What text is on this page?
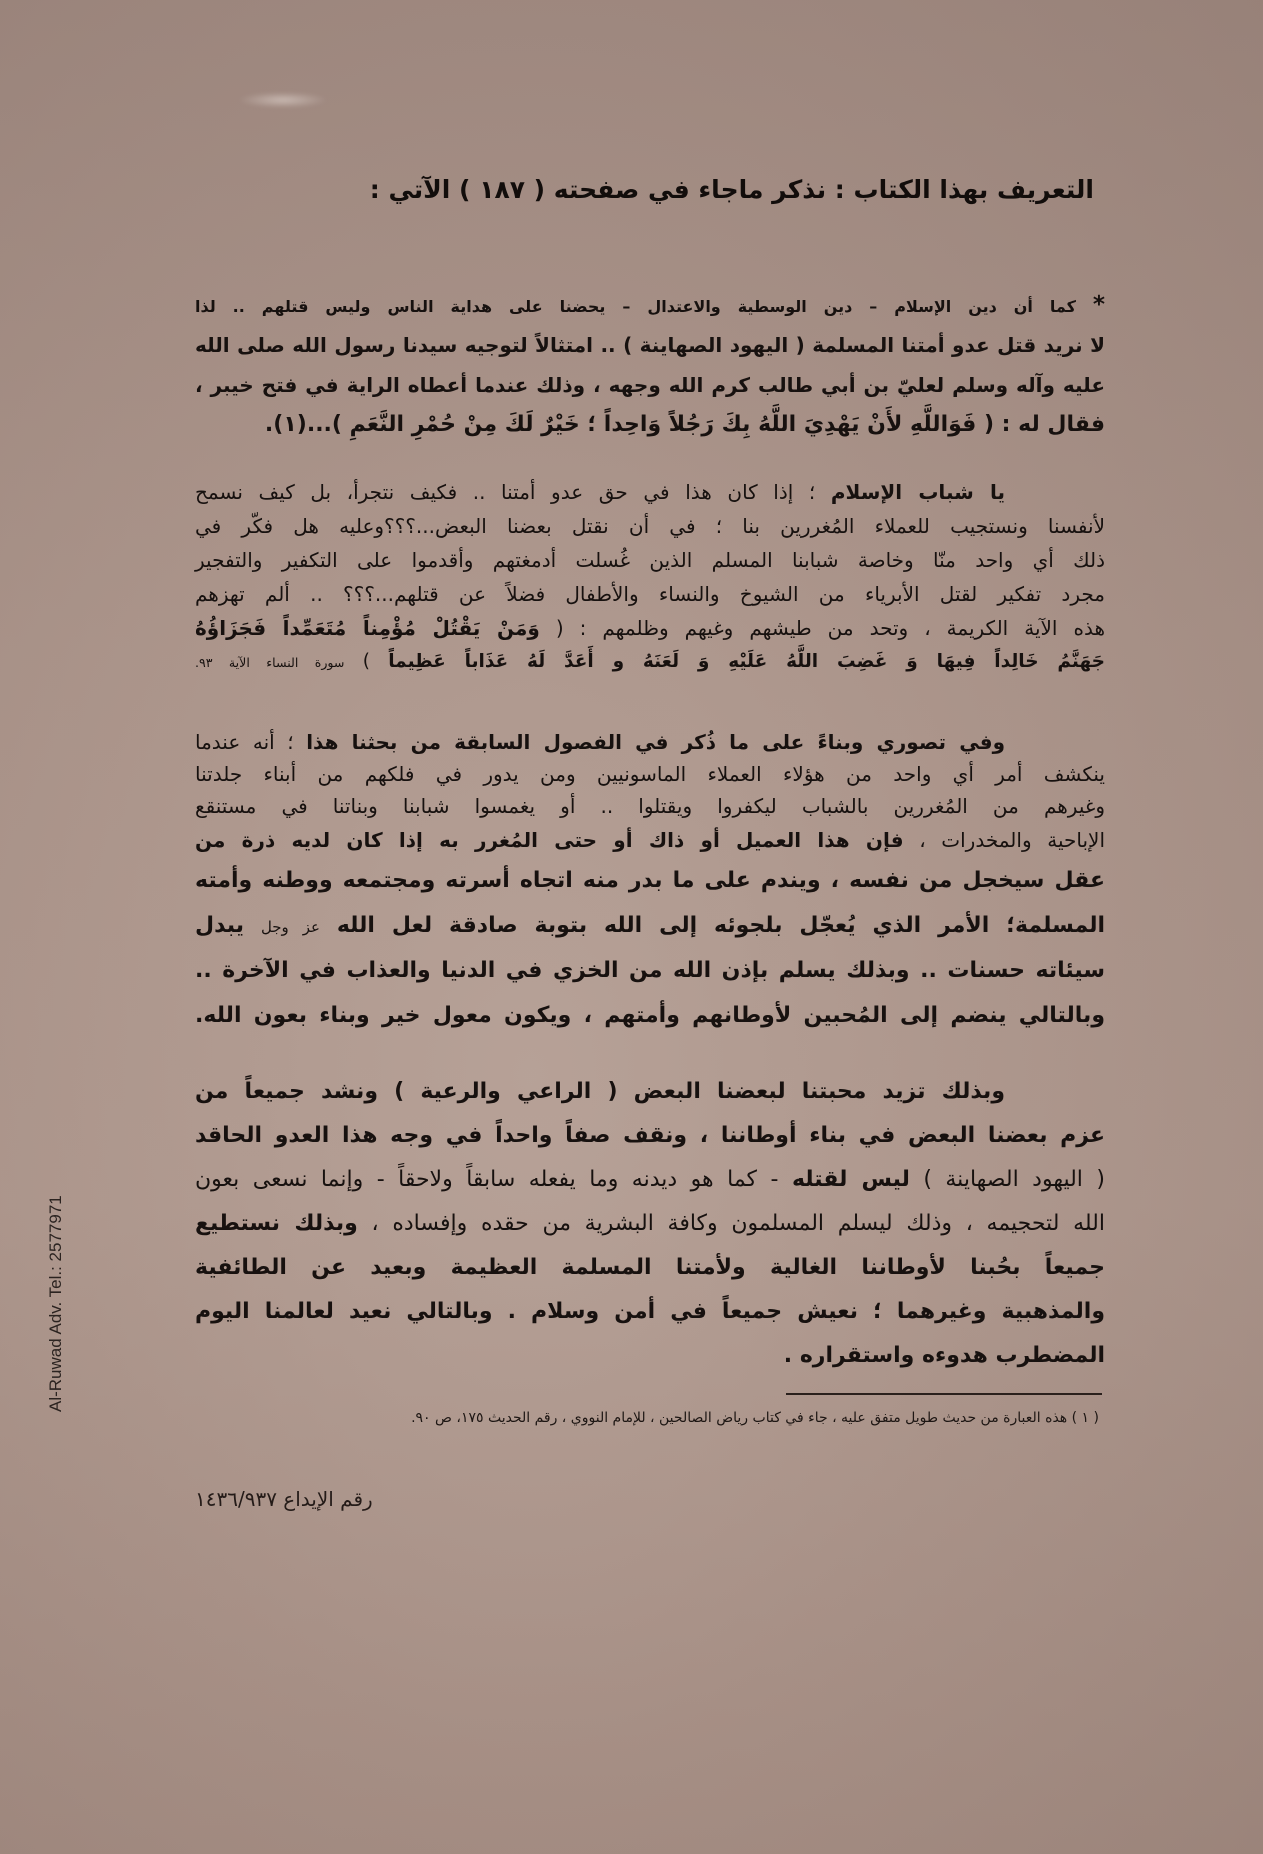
التعريف بهذا الكتاب : نذكر ماجاء في صفحته ( ١٨٧ ) الآتي :
* كما أن دين الإسلام – دين الوسطية والاعتدال – يحضنا على هداية الناس وليس قتلهم .. لذا
لا نريد قتل عدو أمتنا المسلمة ( اليهود الصهاينة ) .. امتثالاً لتوجيه سيدنا رسول الله صلى الله
عليه وآله وسلم لعليّ بن أبي طالب كرم الله وجهه ، وذلك عندما أعطاه الراية في فتح خيبر ،
فقال له : ( فَوَاللَّهِ لأَنْ يَهْدِيَ اللَّهُ بِكَ رَجُلاً وَاحِداً ؛ خَيْرٌ لَكَ مِنْ حُمْرِ النَّعَمِ )...(١).
يا شباب الإسلام ؛ إذا كان هذا في حق عدو أمتنا .. فكيف نتجرأ، بل كيف نسمح
لأنفسنا ونستجيب للعملاء المُغررين بنا ؛ في أن نقتل بعضنا البعض...؟؟؟وعليه هل فكّر في
ذلك أي واحد منّا وخاصة شبابنا المسلم الذين غُسلت أدمغتهم وأقدموا على التكفير والتفجير
مجرد تفكير لقتل الأبرياء من الشيوخ والنساء والأطفال فضلاً عن قتلهم...؟؟؟ .. ألم تهزهم
هذه الآية الكريمة ، وتحد من طيشهم وغيهم وظلمهم : ( وَمَنْ يَقْتُلْ مُؤْمِناً مُتَعَمِّداً فَجَزَاؤُهُ
جَهَنَّمُ خَالِداً فِيهَا وَ غَضِبَ اللَّهُ عَلَيْهِ وَ لَعَنَهُ و أَعَدَّ لَهُ عَذَاباً عَظِيماً ) سورة النساء الآية ٩٣.
وفي تصوري وبناءً على ما ذُكر في الفصول السابقة من بحثنا هذا ؛ أنه عندما
ينكشف أمر أي واحد من هؤلاء العملاء الماسونيين ومن يدور في فلكهم من أبناء جلدتنا
وغيرهم من المُغررين بالشباب ليكفروا ويقتلوا .. أو يغمسوا شبابنا وبناتنا في مستنقع
الإباحية والمخدرات ، فإن هذا العميل أو ذاك أو حتى المُغرر به إذا كان لديه ذرة من
عقل سيخجل من نفسه ، ويندم على ما بدر منه اتجاه أسرته ومجتمعه ووطنه وأمته
المسلمة؛ الأمر الذي يُعجّل بلجوئه إلى الله بتوبة صادقة لعل الله عز وجل يبدل
سيئاته حسنات .. وبذلك يسلم بإذن الله من الخزي في الدنيا والعذاب في الآخرة ..
وبالتالي ينضم إلى المُحبين لأوطانهم وأمتهم ، ويكون معول خير وبناء بعون الله.
وبذلك تزيد محبتنا لبعضنا البعض ( الراعي والرعية ) ونشد جميعاً من
عزم بعضنا البعض في بناء أوطاننا ، ونقف صفاً واحداً في وجه هذا العدو الحاقد
( اليهود الصهاينة ) ليس لقتله - كما هو ديدنه وما يفعله سابقاً ولاحقاً - وإنما نسعى بعون
الله لتحجيمه ، وذلك ليسلم المسلمون وكافة البشرية من حقده وإفساده ، وبذلك نستطيع
جميعاً بحُبنا لأوطاننا الغالية ولأمتنا المسلمة العظيمة وبعيد عن الطائفية
والمذهبية وغيرهما ؛ نعيش جميعاً في أمن وسلام . وبالتالي نعيد لعالمنا اليوم
المضطرب هدوءه واستقراره .
( ١ ) هذه العبارة من حديث طويل متفق عليه ، جاء في كتاب رياض الصالحين ، للإمام النووي ، رقم الحديث ١٧٥، ص ٩٠.
رقم الإيداع ١٤٣٦/٩٣٧
Al-Ruwad Adv. Tel.: 2577971
